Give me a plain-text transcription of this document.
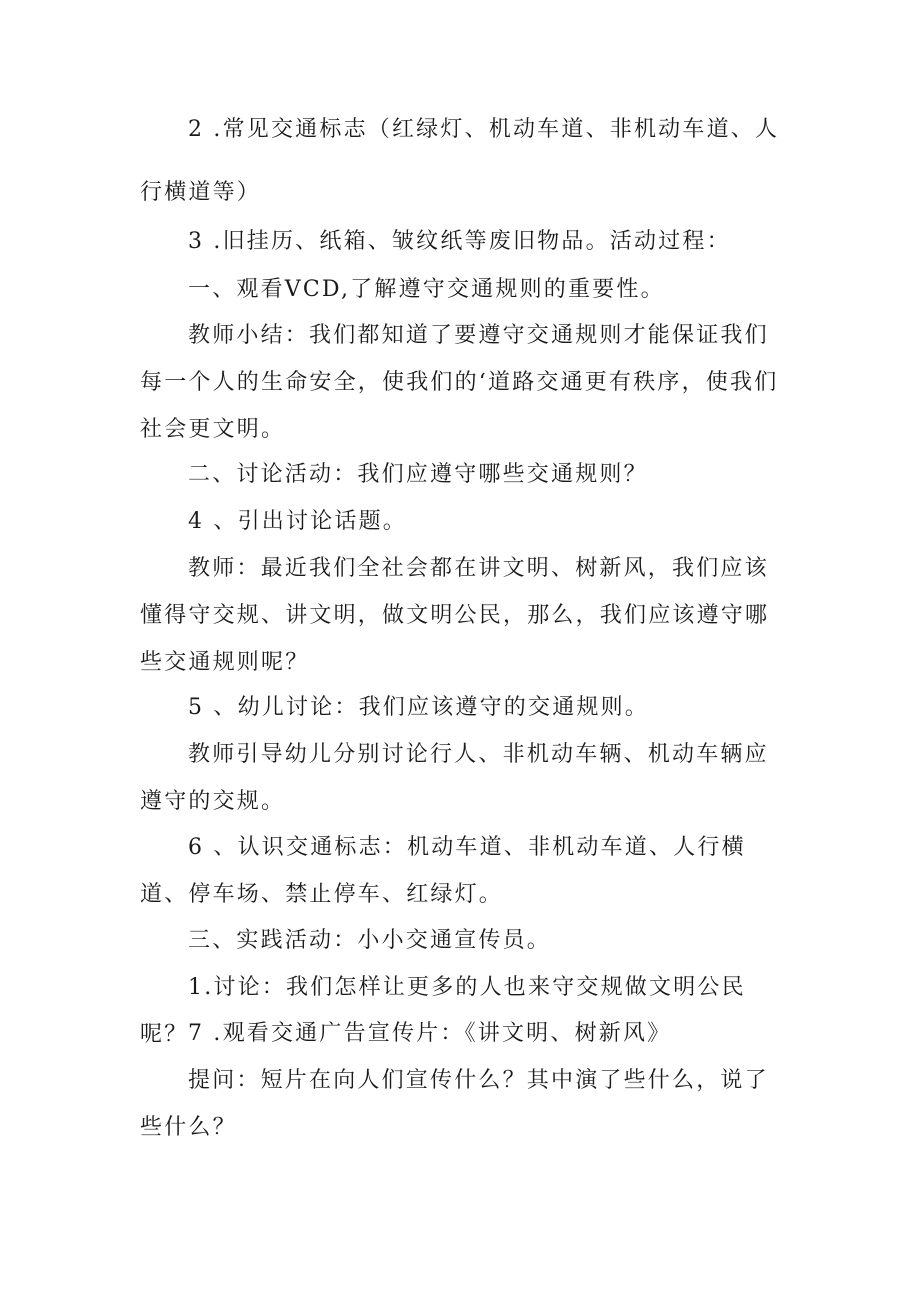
2 .常见交通标志（红绿灯、机动车道、非机动车道、人行横道等）

3 .旧挂历、纸箱、皱纹纸等废旧物品。活动过程：

一、观看VCD,了解遵守交通规则的重要性。

教师小结：我们都知道了要遵守交通规则才能保证我们每一个人的生命安全，使我们的‘道路交通更有秩序，使我们社会更文明。

二、讨论活动：我们应遵守哪些交通规则？

4 、引出讨论话题。

教师：最近我们全社会都在讲文明、树新风，我们应该懂得守交规、讲文明，做文明公民，那么，我们应该遵守哪些交通规则呢？

5 、幼儿讨论：我们应该遵守的交通规则。

教师引导幼儿分别讨论行人、非机动车辆、机动车辆应遵守的交规。

6 、认识交通标志：机动车道、非机动车道、人行横道、停车场、禁止停车、红绿灯。

三、实践活动：小小交通宣传员。

1.讨论：我们怎样让更多的人也来守交规做文明公民呢？ 7 .观看交通广告宣传片：《讲文明、树新风》

提问：短片在向人们宣传什么？其中演了些什么，说了些什么？
